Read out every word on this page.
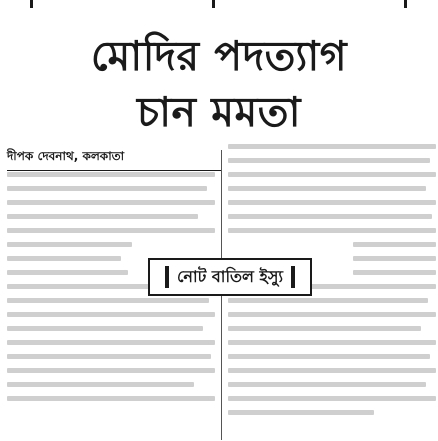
মোদির পদত্যাগ
চান মমতা
দীপক দেবনাথ, কলকাতা
নোট বাতিল ইস্যু
